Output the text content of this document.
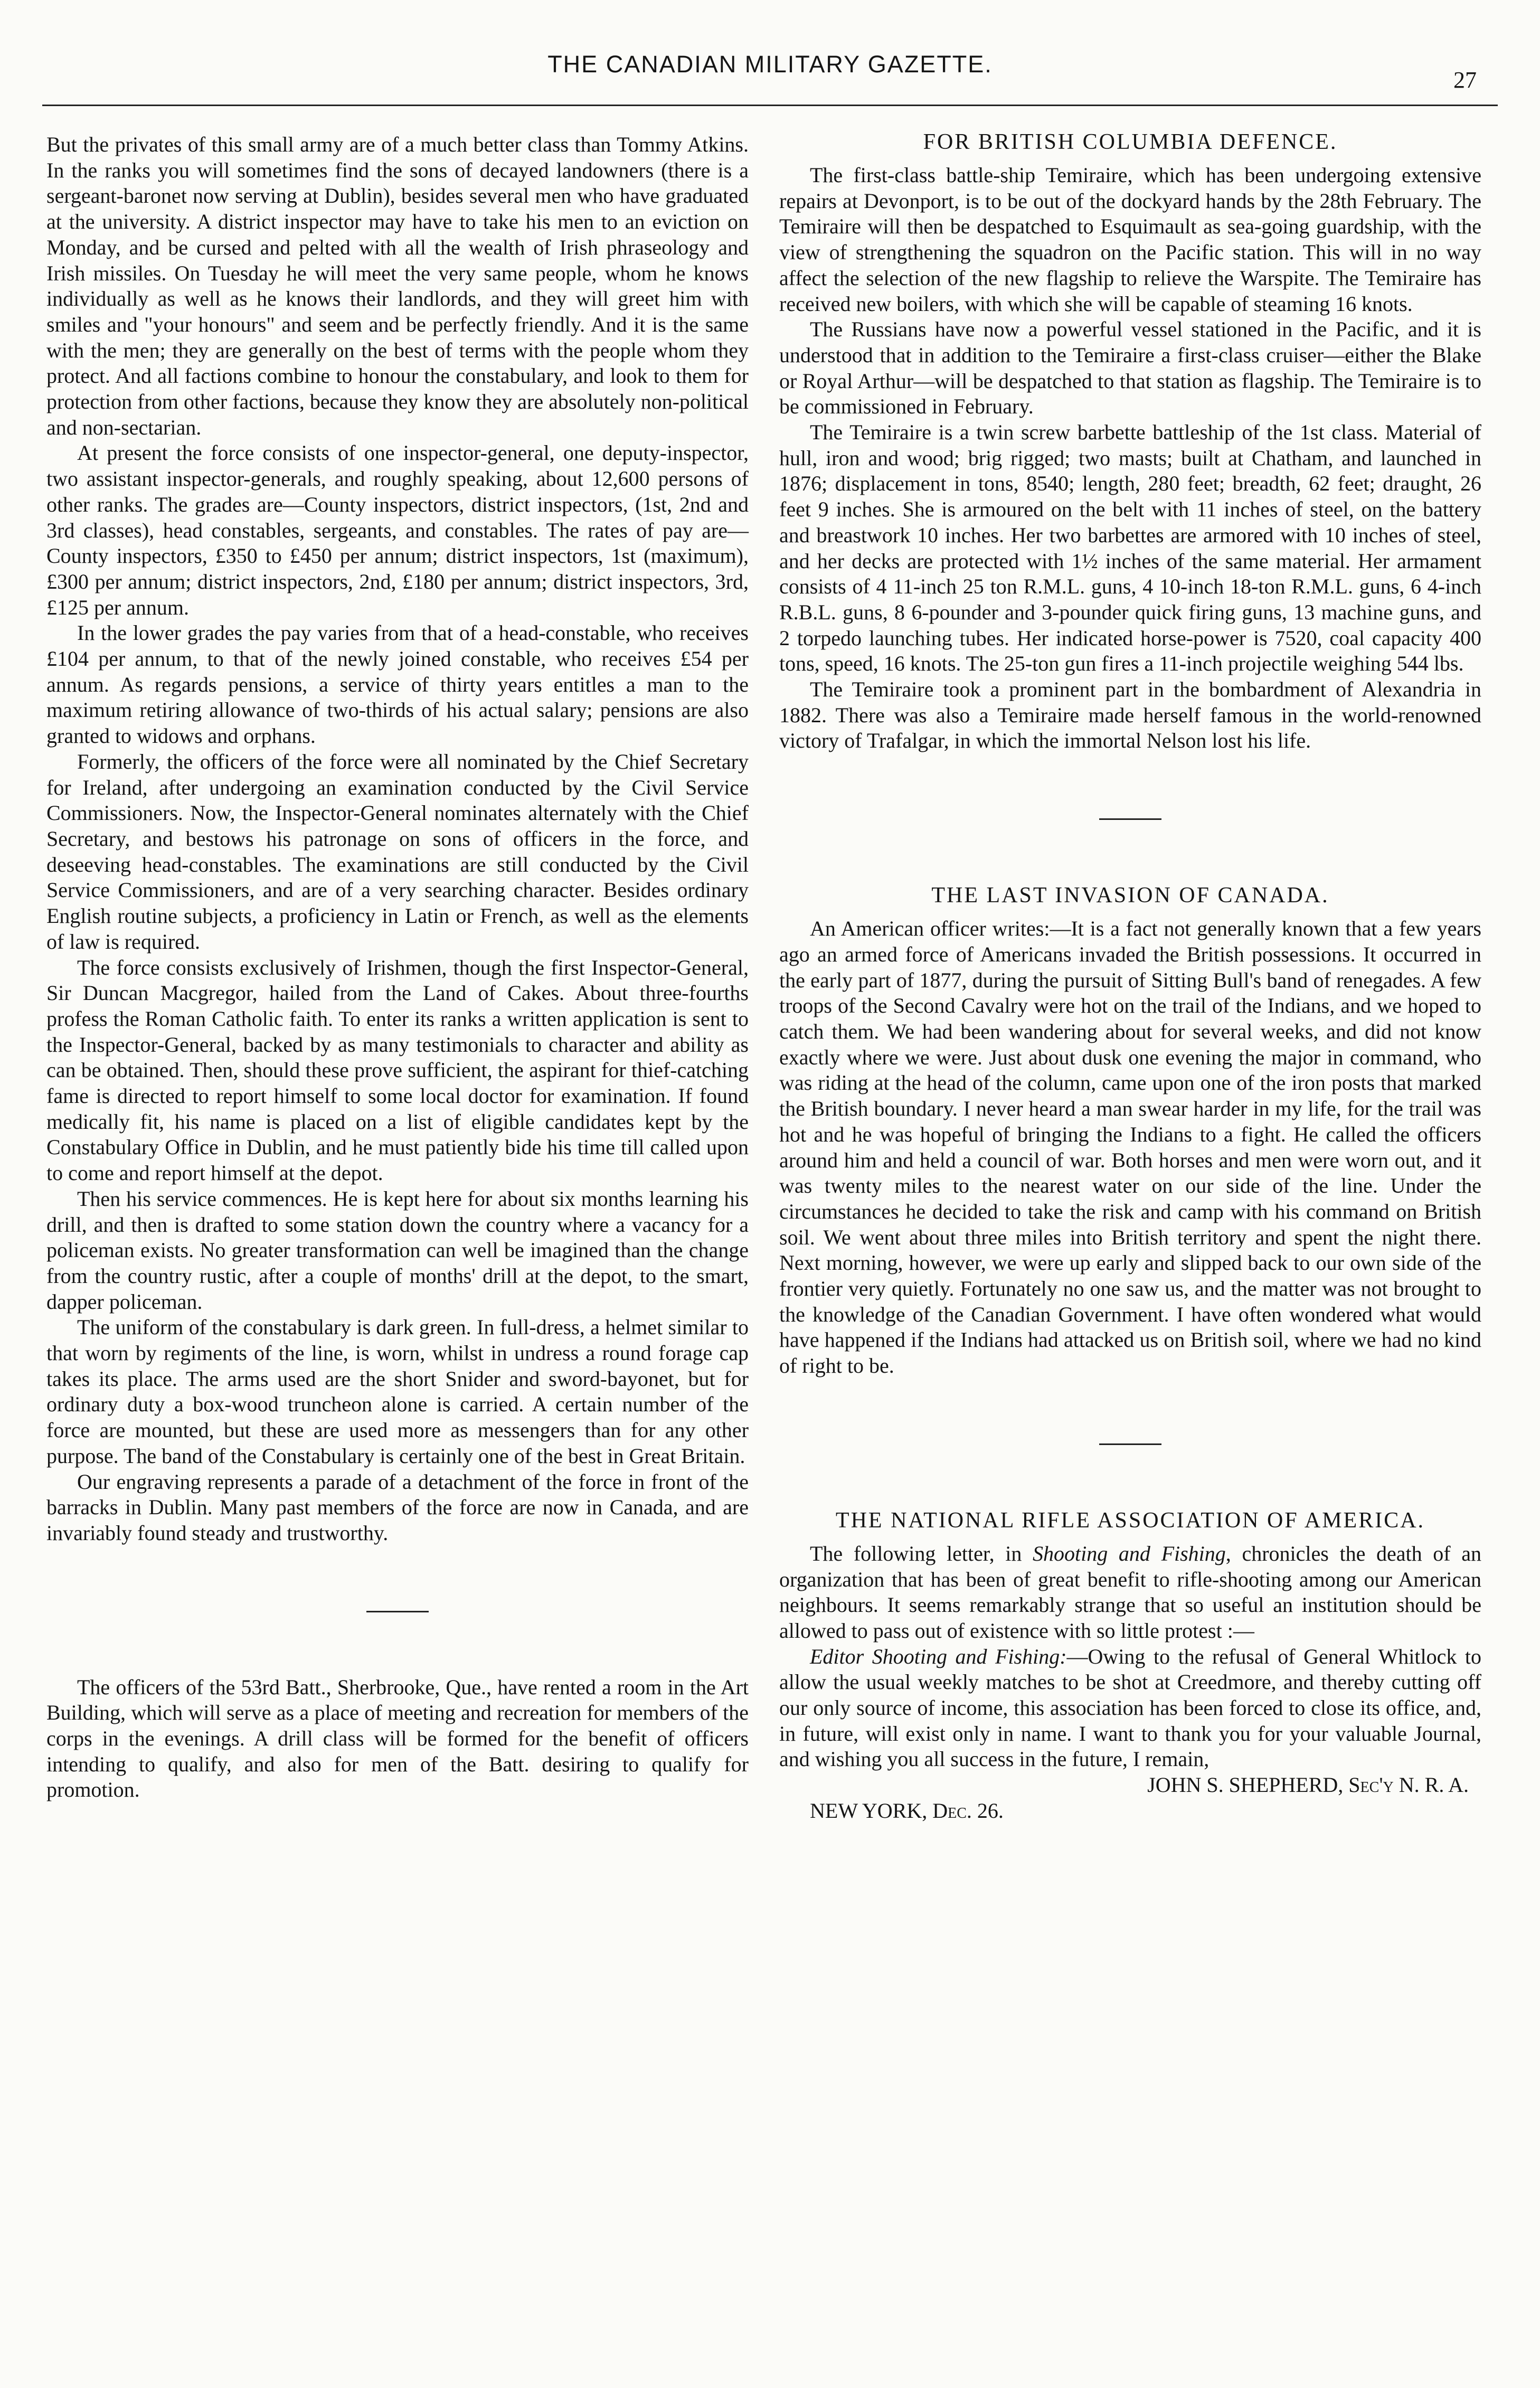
THE CANADIAN MILITARY GAZETTE.
27

But the privates of this small army are of a much better class than Tommy Atkins. In the ranks you will sometimes find the sons of decayed landowners (there is a sergeant-baronet now serving at Dublin), besides several men who have graduated at the university. A district inspector may have to take his men to an eviction on Monday, and be cursed and pelted with all the wealth of Irish phraseology and Irish missiles. On Tuesday he will meet the very same people, whom he knows individually as well as he knows their landlords, and they will greet him with smiles and "your honours" and seem and be perfectly friendly. And it is the same with the men; they are generally on the best of terms with the people whom they protect. And all factions combine to honour the constabulary, and look to them for protection from other factions, because they know they are absolutely non-political and non-sectarian.

At present the force consists of one inspector-general, one deputy-inspector, two assistant inspector-generals, and roughly speaking, about 12,600 persons of other ranks. The grades are—County inspectors, district inspectors, (1st, 2nd and 3rd classes), head constables, sergeants, and constables. The rates of pay are—County inspectors, £350 to £450 per annum; district inspectors, 1st (maximum), £300 per annum; district inspectors, 2nd, £180 per annum; district inspectors, 3rd, £125 per annum.

In the lower grades the pay varies from that of a head-constable, who receives £104 per annum, to that of the newly joined constable, who receives £54 per annum. As regards pensions, a service of thirty years entitles a man to the maximum retiring allowance of two-thirds of his actual salary; pensions are also granted to widows and orphans.

Formerly, the officers of the force were all nominated by the Chief Secretary for Ireland, after undergoing an examination conducted by the Civil Service Commissioners. Now, the Inspector-General nominates alternately with the Chief Secretary, and bestows his patronage on sons of officers in the force, and deseeving head-constables. The examinations are still conducted by the Civil Service Commissioners, and are of a very searching character. Besides ordinary English routine subjects, a proficiency in Latin or French, as well as the elements of law is required.

The force consists exclusively of Irishmen, though the first Inspector-General, Sir Duncan Macgregor, hailed from the Land of Cakes. About three-fourths profess the Roman Catholic faith. To enter its ranks a written application is sent to the Inspector-General, backed by as many testimonials to character and ability as can be obtained. Then, should these prove sufficient, the aspirant for thief-catching fame is directed to report himself to some local doctor for examination. If found medically fit, his name is placed on a list of eligible candidates kept by the Constabulary Office in Dublin, and he must patiently bide his time till called upon to come and report himself at the depot.

Then his service commences. He is kept here for about six months learning his drill, and then is drafted to some station down the country where a vacancy for a policeman exists. No greater transformation can well be imagined than the change from the country rustic, after a couple of months' drill at the depot, to the smart, dapper policeman.

The uniform of the constabulary is dark green. In full-dress, a helmet similar to that worn by regiments of the line, is worn, whilst in undress a round forage cap takes its place. The arms used are the short Snider and sword-bayonet, but for ordinary duty a box-wood truncheon alone is carried. A certain number of the force are mounted, but these are used more as messengers than for any other purpose. The band of the Constabulary is certainly one of the best in Great Britain.

Our engraving represents a parade of a detachment of the force in front of the barracks in Dublin. Many past members of the force are now in Canada, and are invariably found steady and trustworthy.

The officers of the 53rd Batt., Sherbrooke, Que., have rented a room in the Art Building, which will serve as a place of meeting and recreation for members of the corps in the evenings. A drill class will be formed for the benefit of officers intending to qualify, and also for men of the Batt. desiring to qualify for promotion.

FOR BRITISH COLUMBIA DEFENCE.

The first-class battle-ship Temiraire, which has been undergoing extensive repairs at Devonport, is to be out of the dockyard hands by the 28th February. The Temiraire will then be despatched to Esquimault as sea-going guardship, with the view of strengthening the squadron on the Pacific station. This will in no way affect the selection of the new flagship to relieve the Warspite. The Temiraire has received new boilers, with which she will be capable of steaming 16 knots.

The Russians have now a powerful vessel stationed in the Pacific, and it is understood that in addition to the Temiraire a first-class cruiser—either the Blake or Royal Arthur—will be despatched to that station as flagship. The Temiraire is to be commissioned in February.

The Temiraire is a twin screw barbette battleship of the 1st class. Material of hull, iron and wood; brig rigged; two masts; built at Chatham, and launched in 1876; displacement in tons, 8540; length, 280 feet; breadth, 62 feet; draught, 26 feet 9 inches. She is armoured on the belt with 11 inches of steel, on the battery and breastwork 10 inches. Her two barbettes are armored with 10 inches of steel, and her decks are protected with 1½ inches of the same material. Her armament consists of 4 11-inch 25 ton R.M.L. guns, 4 10-inch 18-ton R.M.L. guns, 6 4-inch R.B.L. guns, 8 6-pounder and 3-pounder quick firing guns, 13 machine guns, and 2 torpedo launching tubes. Her indicated horse-power is 7520, coal capacity 400 tons, speed, 16 knots. The 25-ton gun fires a 11-inch projectile weighing 544 lbs.

The Temiraire took a prominent part in the bombardment of Alexandria in 1882. There was also a Temiraire made herself famous in the world-renowned victory of Trafalgar, in which the immortal Nelson lost his life.

THE LAST INVASION OF CANADA.

An American officer writes:—It is a fact not generally known that a few years ago an armed force of Americans invaded the British possessions. It occurred in the early part of 1877, during the pursuit of Sitting Bull's band of renegades. A few troops of the Second Cavalry were hot on the trail of the Indians, and we hoped to catch them. We had been wandering about for several weeks, and did not know exactly where we were. Just about dusk one evening the major in command, who was riding at the head of the column, came upon one of the iron posts that marked the British boundary. I never heard a man swear harder in my life, for the trail was hot and he was hopeful of bringing the Indians to a fight. He called the officers around him and held a council of war. Both horses and men were worn out, and it was twenty miles to the nearest water on our side of the line. Under the circumstances he decided to take the risk and camp with his command on British soil. We went about three miles into British territory and spent the night there. Next morning, however, we were up early and slipped back to our own side of the frontier very quietly. Fortunately no one saw us, and the matter was not brought to the knowledge of the Canadian Government. I have often wondered what would have happened if the Indians had attacked us on British soil, where we had no kind of right to be.

THE NATIONAL RIFLE ASSOCIATION OF AMERICA.

The following letter, in Shooting and Fishing, chronicles the death of an organization that has been of great benefit to rifle-shooting among our American neighbours. It seems remarkably strange that so useful an institution should be allowed to pass out of existence with so little protest :—

Editor Shooting and Fishing:—Owing to the refusal of General Whitlock to allow the usual weekly matches to be shot at Creedmore, and thereby cutting off our only source of income, this association has been forced to close its office, and, in future, will exist only in name. I want to thank you for your valuable Journal, and wishing you all success in the future, I remain,

JOHN S. SHEPHERD, Sec'y N. R. A.
NEW YORK, Dec. 26.
